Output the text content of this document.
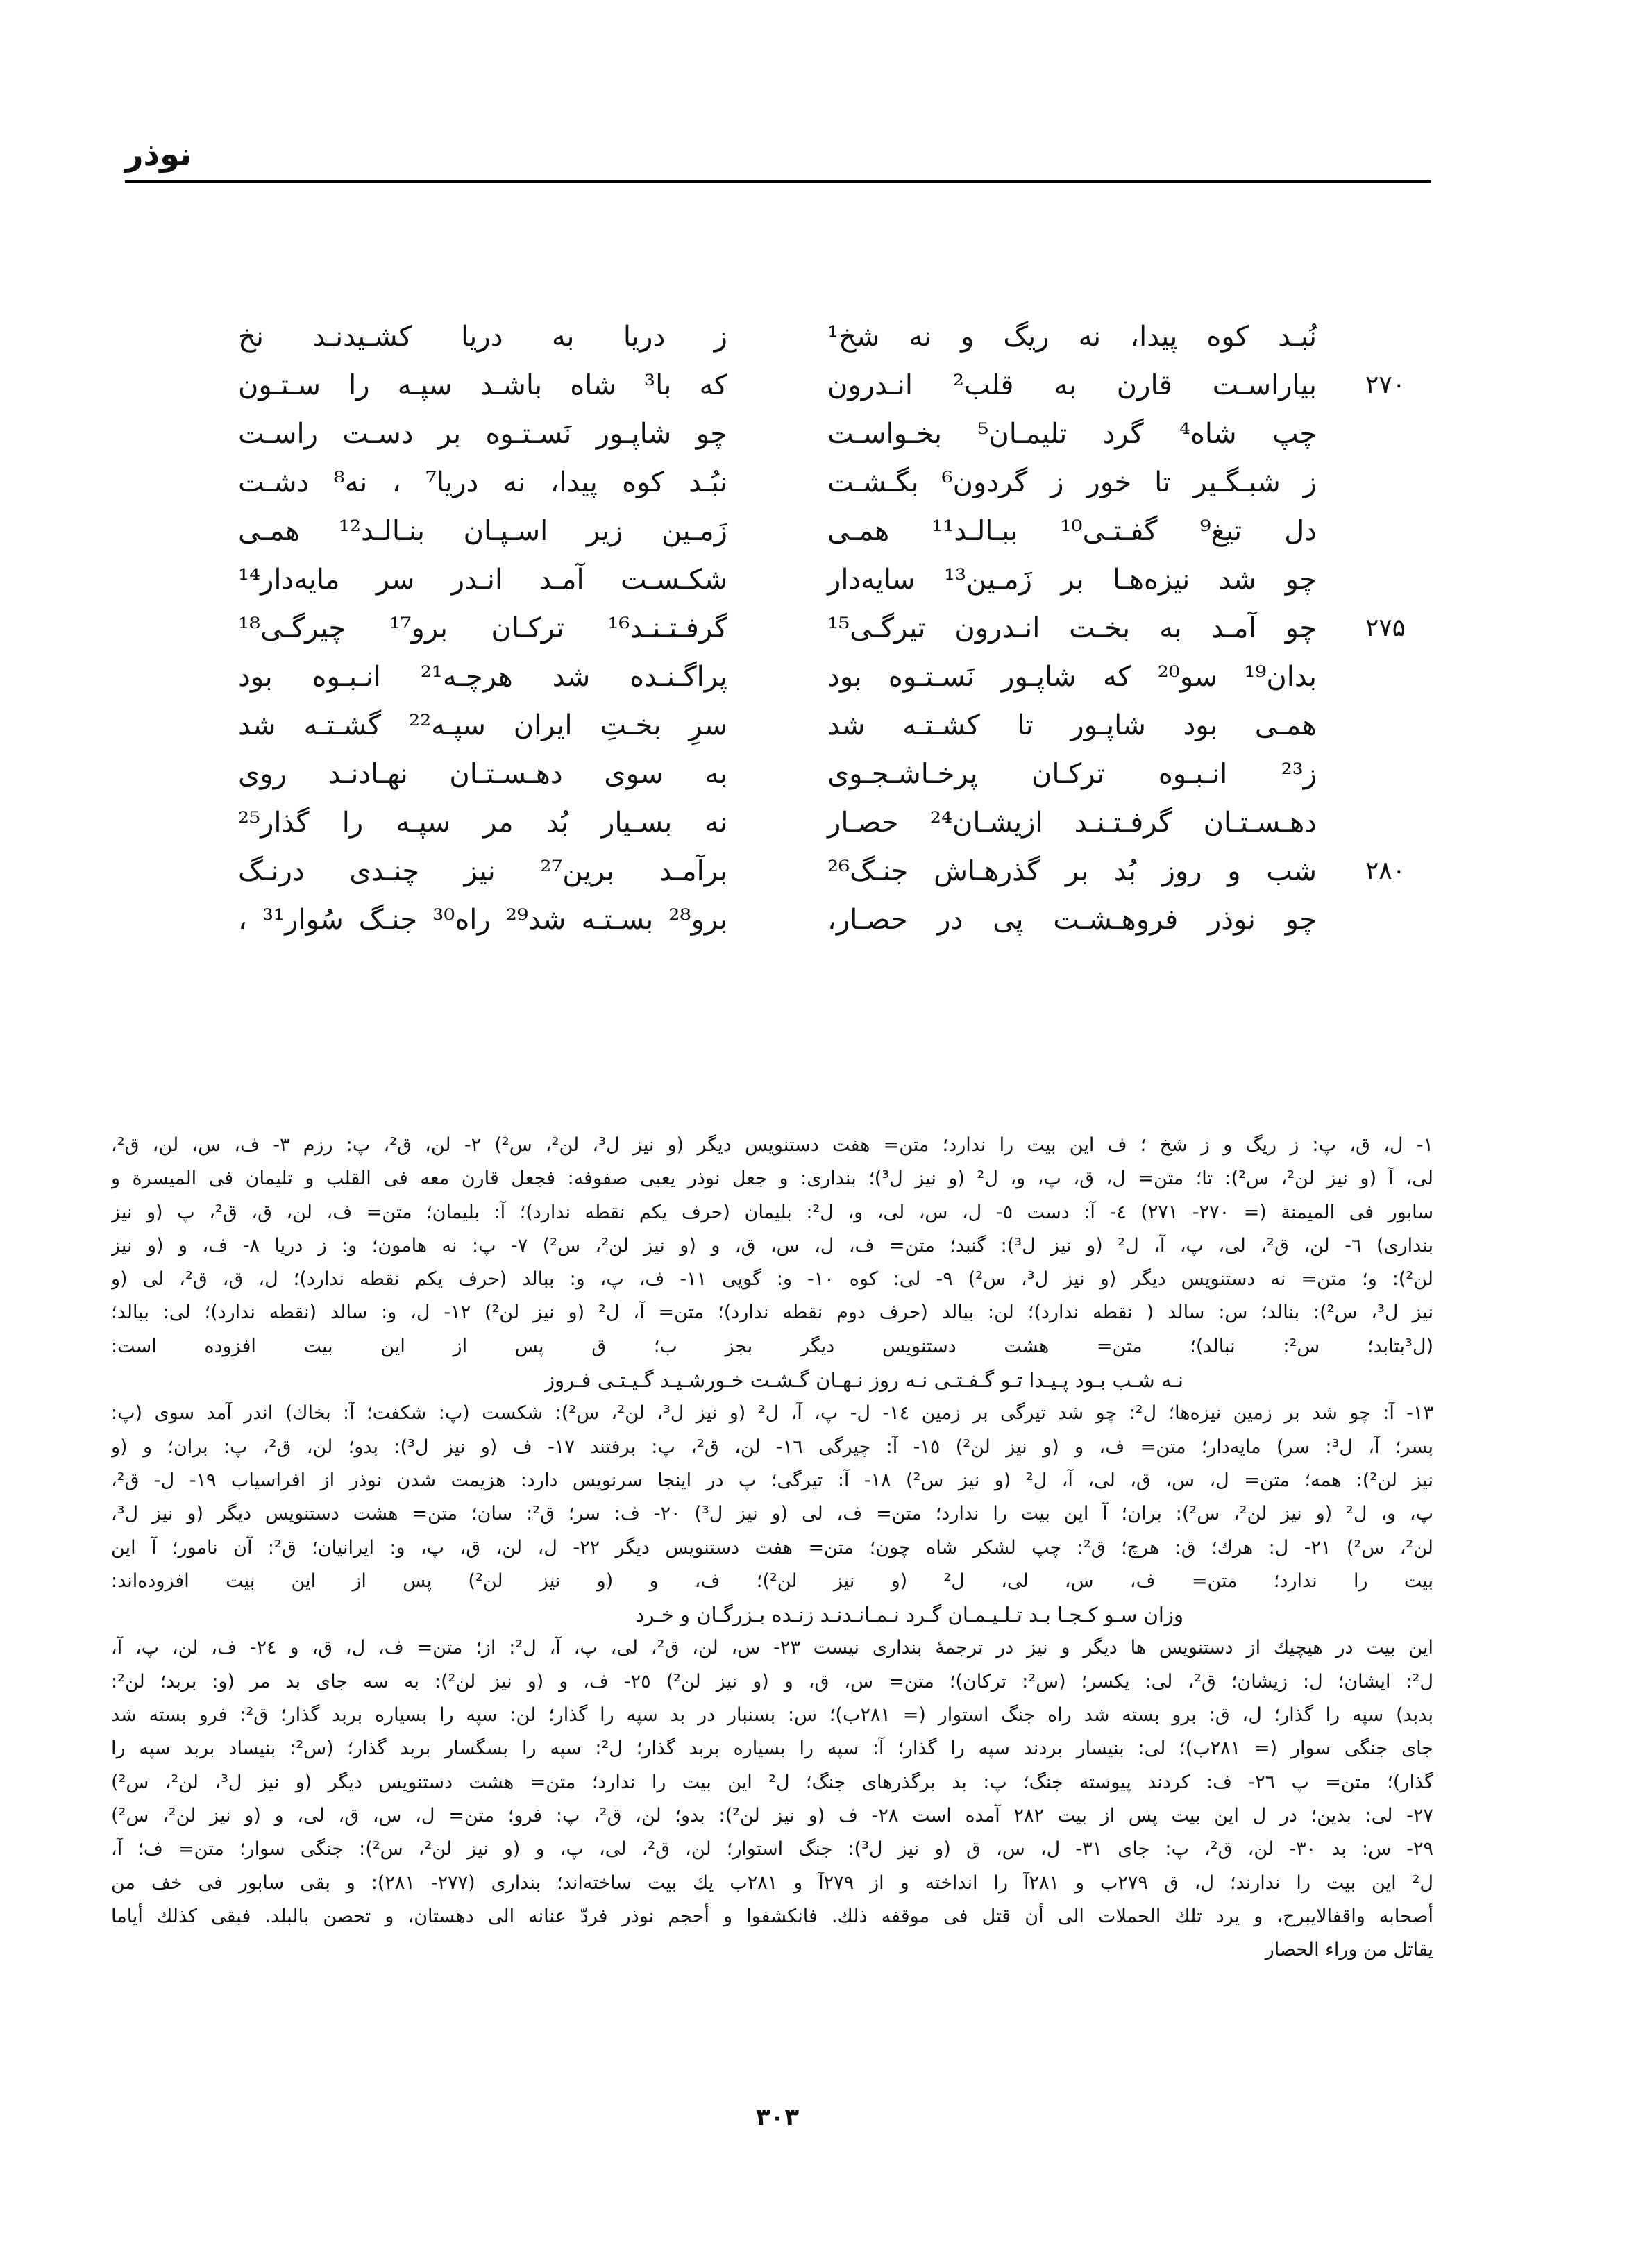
نوذر
نُبـد کوه پیدا، نه ریگ و نه شخ¹
ز دریا به دریا کشـیدنـد نخ
۲۷۰
بیاراسـت قارن به قلب² انـدرون
که با³ شاه باشـد سپـه را سـتـون
چپ شاه⁴ گرد تلیمـان⁵ بخـواسـت
چو شاپـور نَسـتـوه بر دسـت راسـت
ز شبـگـیر تا خور ز گردون⁶ بگـشـت
نبُـد کوه پیدا، نه دریا⁷ ، نه⁸ دشـت
دل تیغ⁹ گفـتـی¹⁰ ببـالـد¹¹ همـی
زَمـین زیر اسـپـان بنـالـد¹² همـی
چو شد نیزه‌هـا بر زَمـین¹³ سایه‌دار
شکـسـت آمـد انـدر سر مایه‌دار¹⁴
۲۷۵
چو آمـد به بخـت انـدرون تیرگـی¹⁵
گرفـتـنـد¹⁶ ترکـان برو¹⁷ چیرگـی¹⁸
بدان¹⁹ سو²⁰ که شاپـور نَسـتـوه بود
پراگـنـده شد هرچـه²¹ انـبـوه بود
همـی بود شاپـور تا کشـتـه شد
سرِ بخـتِ ایران سپـه²² گشـتـه شد
ز²³ انـبـوه ترکـان پرخـاشـجـوی
به سوی دهـسـتـان نهـادنـد روی
دهـسـتـان گرفـتـنـد ازیشـان²⁴ حصـار
نه بسـیار بُد مر سپـه را گذار²⁵
۲۸۰
شب و روز بُد بر گذرهـاش جنـگ²⁶
برآمـد برین²⁷ نیز چنـدی درنـگ
چو نوذر فروهـشـت پی در حصـار،
برو²⁸ بسـتـه شد²⁹ راه³⁰ جنـگ سُوار³¹ ،
١- ل، ق، پ: ز ریگ و ز شخ ؛ ف این بیت را ندارد؛ متن= هفت دستنویس دیگر (و نیز ل³، لن²، س²) ٢- لن، ق²، پ: رزم ٣- ف، س، لن، ق²،
لی، آ (و نیز لن²، س²): تا؛ متن= ل، ق، پ، و، ل² (و نیز ل³)؛ بنداری: و جعل نوذر یعبی صفوفه: فجعل قارن معه فی القلب و تلیمان فی المیسرة و
سابور فی المیمنة (= ٢٧٠- ٢٧١) ٤- آ: دست ٥- ل، س، لی، و، ل²: بلیمان (حرف یکم نقطه ندارد)؛ آ: بلیمان؛ متن= ف، لن، ق، ق²، پ (و نیز
بنداری) ٦- لن، ق²، لی، پ، آ، ل² (و نیز ل³): گنبد؛ متن= ف، ل، س، ق، و (و نیز لن²، س²) ٧- پ: نه هامون؛ و: ز دریا ٨- ف، و (و نیز
لن²): و؛ متن= نه دستنویس دیگر (و نیز ل³، س²) ٩- لی: کوه ١٠- و: گویی ١١- ف، پ، و: ببالد (حرف یکم نقطه ندارد)؛ ل، ق، ق²، لی (و
نیز ل³، س²): بنالد؛ س: سالد ( نقطه ندارد)؛ لن: ببالد (حرف دوم نقطه ندارد)؛ متن= آ، ل² (و نیز لن²) ١٢- ل، و: سالد (نقطه ندارد)؛ لی: ببالد؛
(ل³بتابد؛ س²: نبالد)؛ متن= هشت دستنویس دیگر بجز ب؛ ق پس از این بیت افزوده است:
نـه شـب بـود پـیـدا تـو گـفـتـی نـه روز نـهـان گـشـت خـورشـیـد گـیـتـی فـروز
١٣- آ: چو شد بر زمین نیزه‌ها؛ ل²: چو شد تیرگی بر زمین ١٤- ل- پ، آ، ل² (و نیز ل³، لن²، س²): شکست (پ: شکفت؛ آ: بخاك) اندر آمد سوی (پ:
بسر؛ آ، ل³: سر) مایه‌دار؛ متن= ف، و (و نیز لن²) ١٥- آ: چیرگی ١٦- لن، ق²، پ: برفتند ١٧- ف (و نیز ل³): بدو؛ لن، ق²، پ: بران؛ و (و
نیز لن²): همه؛ متن= ل، س، ق، لی، آ، ل² (و نیز س²) ١٨- آ: تیرگی؛ پ در اینجا سرنویس دارد: هزیمت شدن نوذر از افراسیاب ١٩- ل- ق²،
پ، و، ل² (و نیز لن²، س²): بران؛ آ این بیت را ندارد؛ متن= ف، لی (و نیز ل³) ٢٠- ف: سر؛ ق²: سان؛ متن= هشت دستنویس دیگر (و نیز ل³،
لن²، س²) ٢١- ل: هرك؛ ق: هرچ؛ ق²: چپ لشکر شاه چون؛ متن= هفت دستنویس دیگر ٢٢- ل، لن، ق، پ، و: ایرانیان؛ ق²: آن نامور؛ آ این
بیت را ندارد؛ متن= ف، س، لی، ل² (و نیز لن²)؛ ف، و (و نیز لن²) پس از این بیت افزوده‌اند:
وزان سـو کـجـا بـد تـلـیـمـان گـرد نـمـانـدنـد زنـده بـزرگـان و خـرد
این بیت در هیچیك از دستنویس ها دیگر و نیز در ترجمهٔ بنداری نیست ٢٣- س، لن، ق²، لی، پ، آ، ل²: از؛ متن= ف، ل، ق، و ٢٤- ف، لن، پ، آ،
ل²: ایشان؛ ل: زیشان؛ ق²، لی: یکسر؛ (س²: ترکان)؛ متن= س، ق، و (و نیز لن²) ٢٥- ف، و (و نیز لن²): به سه جای بد مر (و: بربد؛ لن²:
بدبد) سپه را گذار؛ ل، ق: برو بسته شد راه جنگ استوار (= ٢٨١ب)؛ س: بسنبار در بد سپه را گذار؛ لن: سپه را بسیاره بربد گذار؛ ق²: فرو بسته شد
جای جنگی سوار (= ٢٨١ب)؛ لی: بنیسار بردند سپه را گذار؛ آ: سپه را بسیاره بربد گذار؛ ل²: سپه را بسگسار بربد گذار؛ (س²: بنیساد بربد سپه را
گذار)؛ متن= پ ٢٦- ف: کردند پیوسته جنگ؛ پ: بد برگذرهای جنگ؛ ل² این بیت را ندارد؛ متن= هشت دستنویس دیگر (و نیز ل³، لن²، س²)
٢٧- لی: بدین؛ در ل این بیت پس از بیت ٢٨٢ آمده است ٢٨- ف (و نیز لن²): بدو؛ لن، ق²، پ: فرو؛ متن= ل، س، ق، لی، و (و نیز لن²، س²)
٢٩- س: بد ٣٠- لن، ق²، پ: جای ٣١- ل، س، ق (و نیز ل³): جنگ استوار؛ لن، ق²، لی، پ، و (و نیز لن²، س²): جنگی سوار؛ متن= ف؛ آ،
ل² این بیت را ندارند؛ ل، ق ٢٧٩ب و ٢٨١آ را انداخته و از ٢٧٩آ و ٢٨١ب یك بیت ساخته‌اند؛ بنداری (٢٧٧- ٢٨١): و بقی سابور فی خف من
أصحابه واقفالایبرح، و یرد تلك الحملات الی أن قتل فی موقفه ذلك. فانکشفوا و أحجم نوذر فردّ عنانه الی دهستان، و تحصن بالبلد. فبقی کذلك أیاما
یقاتل من وراء الحصار
۳۰۳
